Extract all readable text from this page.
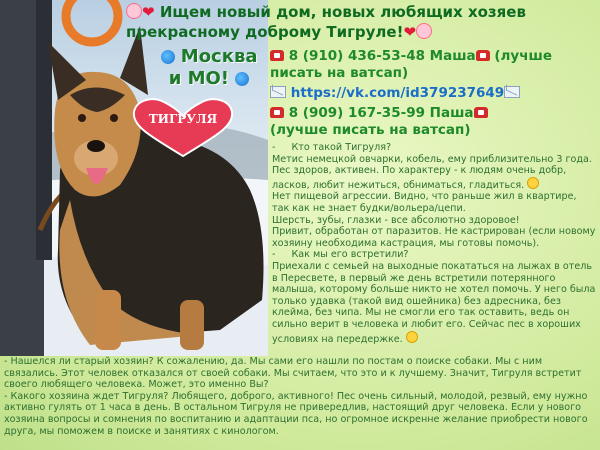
❤ Ищем новый дом, новых любящих хозяев
прекрасному доброму Тигруле!❤
Москва
и МО!
ТИГРУЛЯ
8 (910) 436-53-48 Маша (лучше писать на ватсап)
https://vk.com/id379237649
8 (909) 167-35-99 Паша
(лучше писать на ватсап)

- Кто такой Тигруля?

Метис немецкой овчарки, кобель, ему приблизительно 3 года. Пес здоров, активен. По характеру - к людям очень добр, ласков, любит нежиться, обниматься, гладиться.

Нет пищевой агрессии. Видно, что раньше жил в квартире, так как не знает будки/вольера/цепи.

Шерсть, зубы, глазки - все абсолютно здоровое!

Привит, обработан от паразитов. Не кастрирован (если новому хозяину необходима кастрация, мы готовы помочь).

- Как мы его встретили?

Приехали с семьей на выходные покататься на лыжах в отель в Пересвете, в первый же день встретили потерянного малыша, которому больше никто не хотел помочь. У него была только удавка (такой вид ошейника) без адресника, без клейма, без чипа. Мы не смогли его так оставить, ведь он сильно верит в человека и любит его. Сейчас пес в хороших условиях на передержке.

- Нашелся ли старый хозяин? К сожалению, да. Мы сами его нашли по постам о поиске собаки. Мы с ним связались. Этот человек отказался от своей собаки. Мы считаем, что это и к лучшему. Значит, Тигруля встретит своего любящего человека. Может, это именно Вы?

- Какого хозяина ждет Тигруля? Любящего, доброго, активного! Пес очень сильный, молодой, резвый, ему нужно активно гулять от 1 часа в день. В остальном Тигруля не привередлив, настоящий друг человека. Если у нового хозяина вопросы и сомнения по воспитанию и адаптации пса, но огромное искренне желание приобрести нового друга, мы поможем в поиске и занятиях с кинологом.
